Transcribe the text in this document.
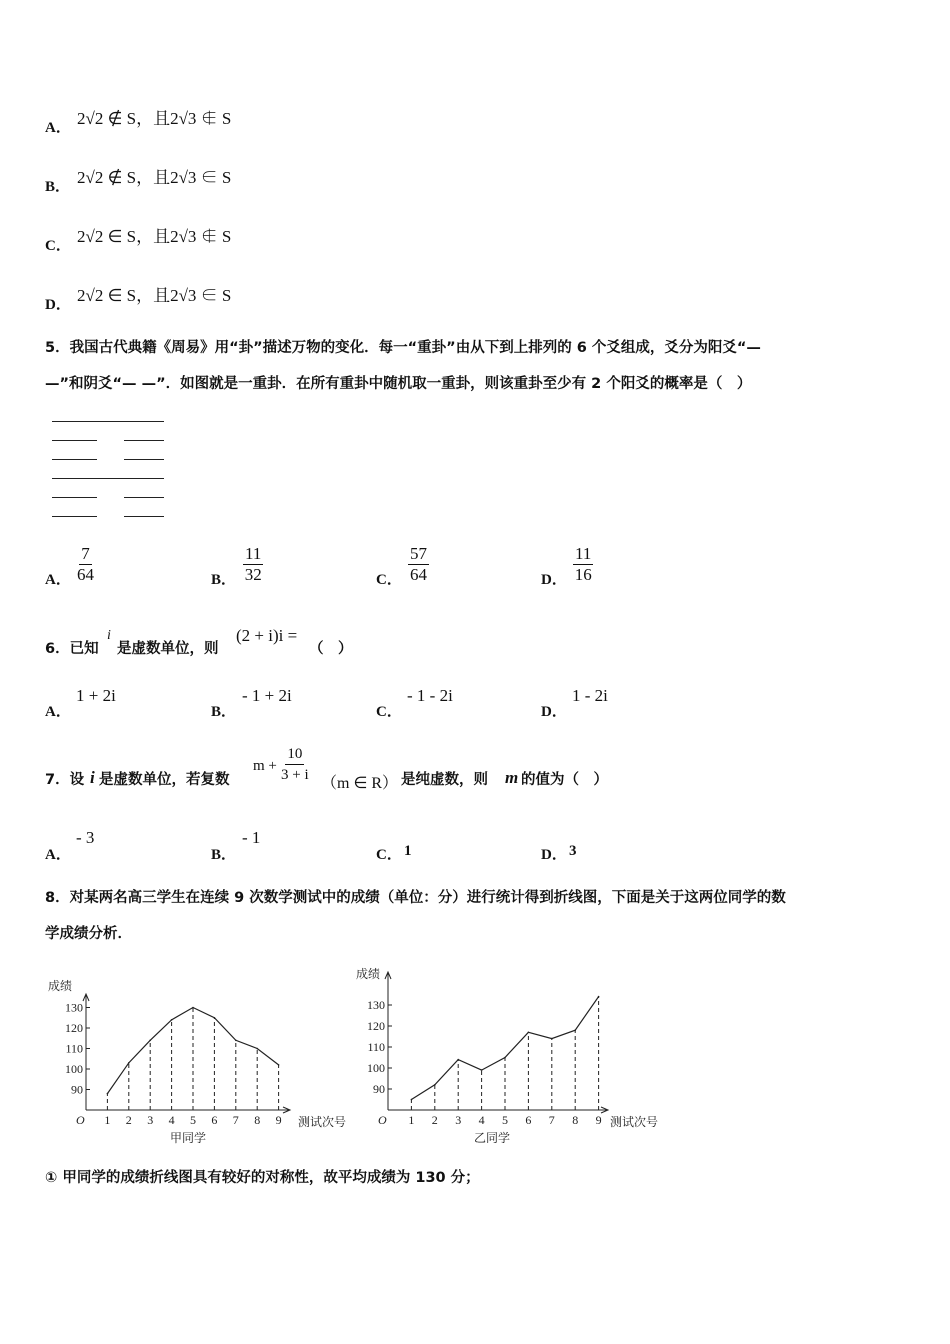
A． 2√2 ∉ S，且2√3 ∉ S
B． 2√2 ∉ S，且2√3 ∈ S
C． 2√2 ∈ S，且2√3 ∉ S
D． 2√2 ∈ S，且2√3 ∈ S
5．我国古代典籍《周易》用“卦”描述万物的变化．每一“重卦”由从下到上排列的 6 个爻组成，爻分为阳爻“—
—”和阴爻“— —”．如图就是一重卦．在所有重卦中随机取一重卦，则该重卦至少有 2 个阳爻的概率是（　）
A． $\frac{7}{64}$	B． $\frac{11}{32}$	C． $\frac{57}{64}$	D． $\frac{11}{16}$
6．已知
i
是虚数单位，则
(2 + i)i =
（　）
A．
1 + 2i
B．
- 1 + 2i
C．
- 1 - 2i
D．
1 - 2i
7．设 i 是虚数单位，若复数
$m + \frac{10}{3 + i} (m$ ∈ R） 是纯虚数，则 m 的值为（　）
A．
- 3
B．
- 1
C． 1	D． 3
8．对某两名高三学生在连续 9 次数学测试中的成绩（单位：分）进行统计得到折线图，下面是关于这两位同学的数
学成绩分析．
90
100
110
120
130
1 2 3 4 5 6 7 8 9
O
成绩
测试次号
甲同学
90
100
110
120
130
1 2 3 4 5 6 7 8 9
O
成绩
测试次号
乙同学
① 甲同学的成绩折线图具有较好的对称性，故平均成绩为 130 分；
